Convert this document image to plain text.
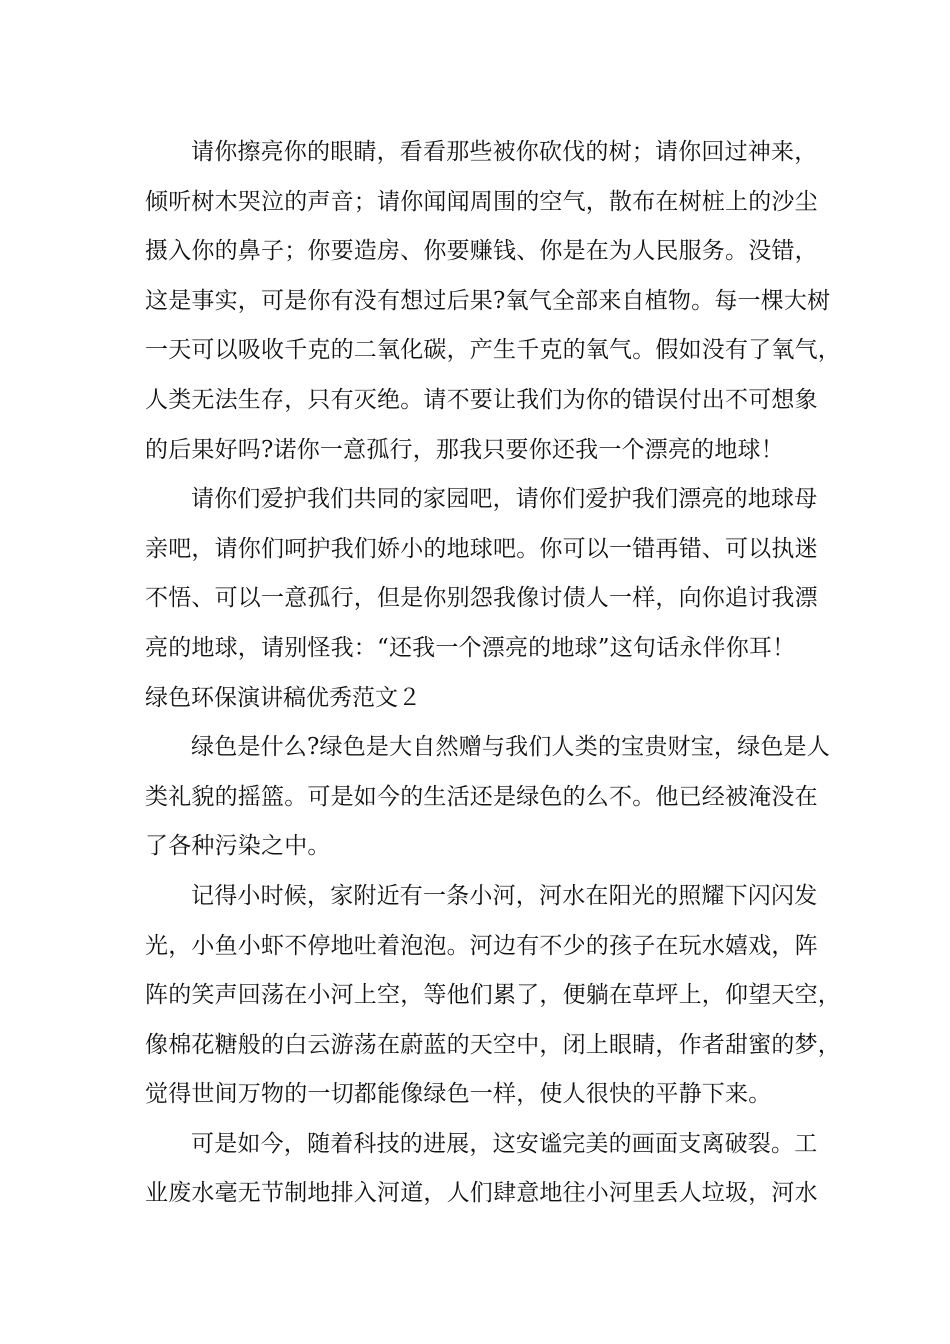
请你擦亮你的眼睛，看看那些被你砍伐的树；请你回过神来，
倾听树木哭泣的声音；请你闻闻周围的空气，散布在树桩上的沙尘
摄入你的鼻子；你要造房、你要赚钱、你是在为人民服务。没错，
这是事实，可是你有没有想过后果?氧气全部来自植物。每一棵大树
一天可以吸收千克的二氧化碳，产生千克的氧气。假如没有了氧气，
人类无法生存，只有灭绝。请不要让我们为你的错误付出不可想象
的后果好吗?诺你一意孤行，那我只要你还我一个漂亮的地球！
请你们爱护我们共同的家园吧，请你们爱护我们漂亮的地球母
亲吧，请你们呵护我们娇小的地球吧。你可以一错再错、可以执迷
不悟、可以一意孤行，但是你别怨我像讨债人一样，向你追讨我漂
亮的地球，请别怪我：“还我一个漂亮的地球”这句话永伴你耳！
绿色环保演讲稿优秀范文２
绿色是什么?绿色是大自然赠与我们人类的宝贵财宝，绿色是人
类礼貌的摇篮。可是如今的生活还是绿色的么不。他已经被淹没在
了各种污染之中。
记得小时候，家附近有一条小河，河水在阳光的照耀下闪闪发
光，小鱼小虾不停地吐着泡泡。河边有不少的孩子在玩水嬉戏，阵
阵的笑声回荡在小河上空，等他们累了，便躺在草坪上，仰望天空，
像棉花糖般的白云游荡在蔚蓝的天空中，闭上眼睛，作者甜蜜的梦，
觉得世间万物的一切都能像绿色一样，使人很快的平静下来。
可是如今，随着科技的进展，这安谧完美的画面支离破裂。工
业废水毫无节制地排入河道，人们肆意地往小河里丢人垃圾，河水
